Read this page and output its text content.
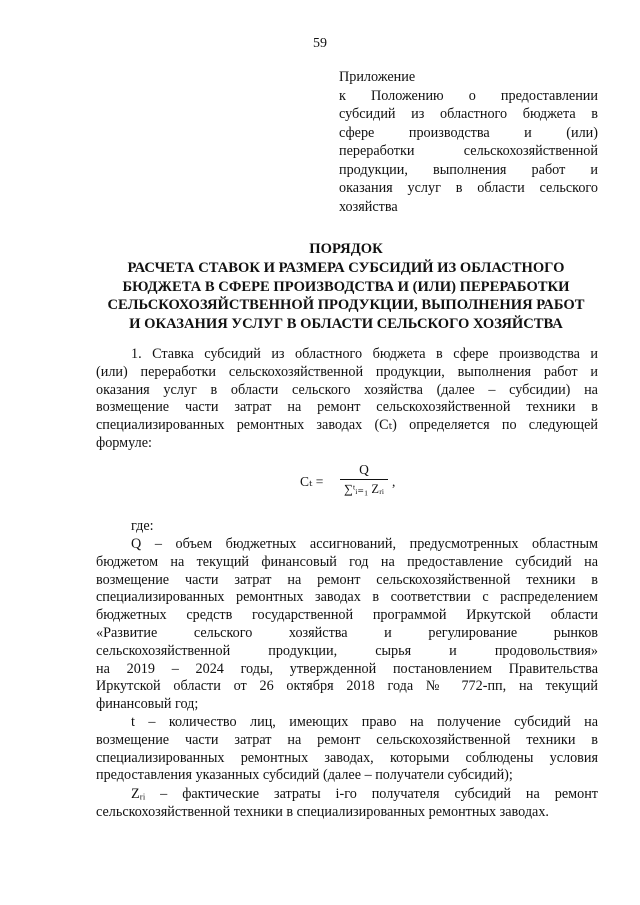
59
Приложение
к Положению о предоставлении
субсидий из областного бюджета в
сфере производства и (или)
переработки сельскохозяйственной
продукции, выполнения работ и
оказания услуг в области сельского
хозяйства
ПОРЯДОК
РАСЧЕТА СТАВОК И РАЗМЕРА СУБСИДИЙ ИЗ ОБЛАСТНОГО
БЮДЖЕТА В СФЕРЕ ПРОИЗВОДСТВА И (ИЛИ) ПЕРЕРАБОТКИ
СЕЛЬСКОХОЗЯЙСТВЕННОЙ ПРОДУКЦИИ, ВЫПОЛНЕНИЯ РАБОТ
И ОКАЗАНИЯ УСЛУГ В ОБЛАСТИ СЕЛЬСКОГО ХОЗЯЙСТВА
1. Ставка субсидий из областного бюджета в сфере производства и
(или) переработки сельскохозяйственной продукции, выполнения работ и
оказания услуг в области сельского хозяйства (далее – субсидии) на
возмещение части затрат на ремонт сельскохозяйственной техники в
специализированных ремонтных заводах (Cₜ) определяется по следующей
формуле:
Cₜ =
Q
∑ᵗᵢ₌₁ Zᵣᵢ ,
где:
Q – объем бюджетных ассигнований, предусмотренных областным
бюджетом на текущий финансовый год на предоставление субсидий на
возмещение части затрат на ремонт сельскохозяйственной техники в
специализированных ремонтных заводах в соответствии с распределением
бюджетных средств государственной программой Иркутской области
«Развитие сельского хозяйства и регулирование рынков
сельскохозяйственной продукции, сырья и продовольствия»
на 2019 – 2024 годы, утвержденной постановлением Правительства
Иркутской области от 26 октября 2018 года № 772-пп, на текущий
финансовый год;
t – количество лиц, имеющих право на получение субсидий на
возмещение части затрат на ремонт сельскохозяйственной техники в
специализированных ремонтных заводах, которыми соблюдены условия
предоставления указанных субсидий (далее – получатели субсидий);
Zᵣᵢ – фактические затраты i-го получателя субсидий на ремонт
сельскохозяйственной техники в специализированных ремонтных заводах.
